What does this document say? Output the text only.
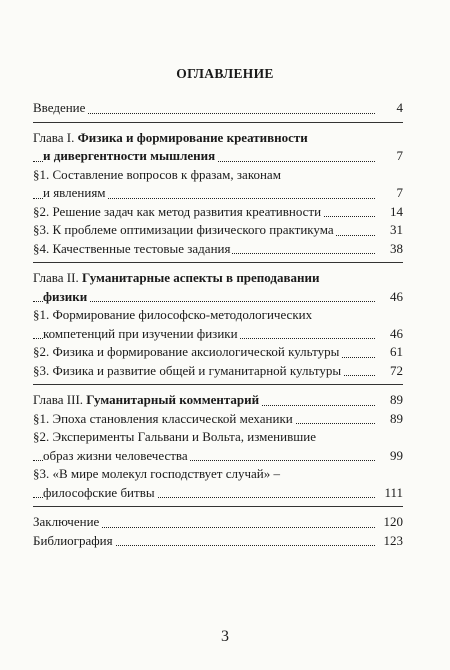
ОГЛАВЛЕНИЕ
Введение	4
Глава I. Физика и формирование креативности
и дивергентности мышления	7
§1. Составление вопросов к фразам, законам
и явлениям	7
§2. Решение задач как метод развития креативности	14
§3. К проблеме оптимизации физического практикума	31
§4. Качественные тестовые задания	38
Глава II. Гуманитарные аспекты в преподавании
физики	46
§1. Формирование философско-методологических
компетенций при изучении физики	46
§2. Физика и формирование аксиологической культуры	61
§3. Физика и развитие общей и гуманитарной культуры	72
Глава III. Гуманитарный комментарий	89
§1. Эпоха становления классической механики	89
§2. Эксперименты Гальвани и Вольта, изменившие
образ жизни человечества	99
§3. «В мире молекул господствует случай» –
философские битвы	111
Заключение	120
Библиография	123
3
